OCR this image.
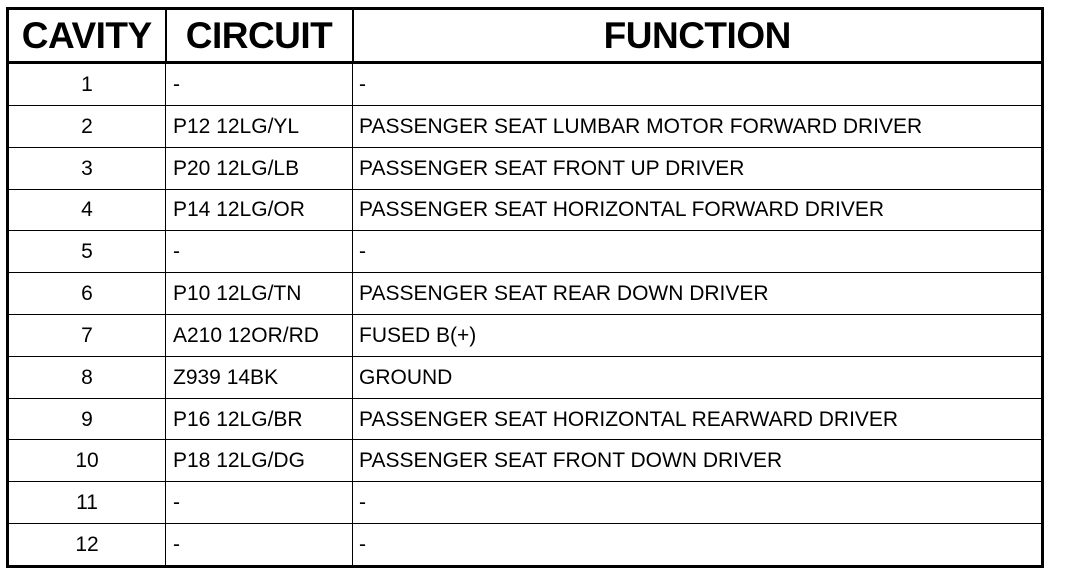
CAVITY	CIRCUIT	FUNCTION
1	-	-
2	P12 12LG/YL	PASSENGER SEAT LUMBAR MOTOR FORWARD DRIVER
3	P20 12LG/LB	PASSENGER SEAT FRONT UP DRIVER
4	P14 12LG/OR	PASSENGER SEAT HORIZONTAL FORWARD DRIVER
5	-	-
6	P10 12LG/TN	PASSENGER SEAT REAR DOWN DRIVER
7	A210 12OR/RD	FUSED B(+)
8	Z939 14BK	GROUND
9	P16 12LG/BR	PASSENGER SEAT HORIZONTAL REARWARD DRIVER
10	P18 12LG/DG	PASSENGER SEAT FRONT DOWN DRIVER
11	-	-
12	-	-
